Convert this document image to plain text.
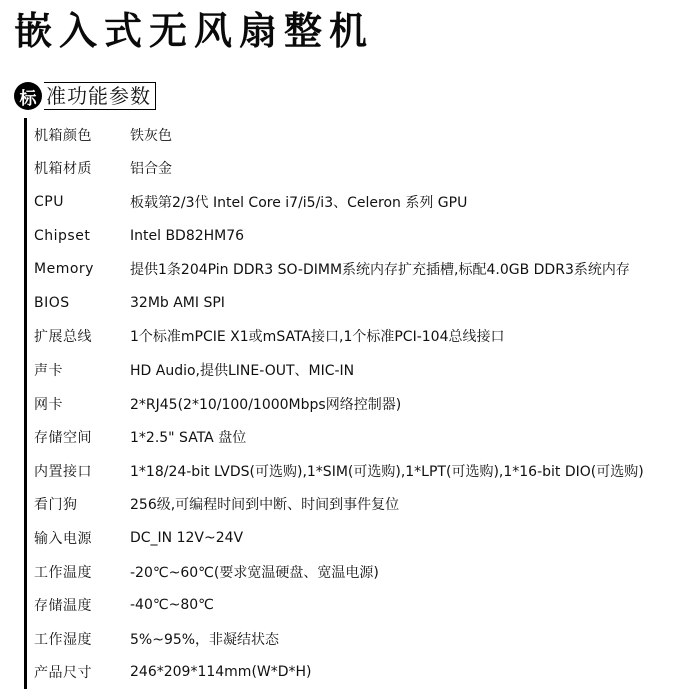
嵌入式无风扇整机
标 准功能参数
机箱颜色	铁灰色
机箱材质	铝合金
CPU	板载第2/3代 Intel Core i7/i5/i3、Celeron 系列 GPU
Chipset	Intel BD82HM76
Memory	提供1条204Pin DDR3 SO-DIMM系统内存扩充插槽,标配4.0GB DDR3系统内存
BIOS	32Mb AMI SPI
扩展总线	1个标准mPCIE X1或mSATA接口,1个标准PCI-104总线接口
声卡	HD Audio,提供LINE-OUT、MIC-IN
网卡	2*RJ45(2*10/100/1000Mbps网络控制器)
存储空间	1*2.5" SATA 盘位
内置接口	1*18/24-bit LVDS(可选购),1*SIM(可选购),1*LPT(可选购),1*16-bit DIO(可选购)
看门狗	256级,可编程时间到中断、时间到事件复位
输入电源	DC_IN 12V~24V
工作温度	-20℃~60℃(要求宽温硬盘、宽温电源)
存储温度	-40℃~80℃
工作湿度	5%~95%，非凝结状态
产品尺寸	246*209*114mm(W*D*H)
